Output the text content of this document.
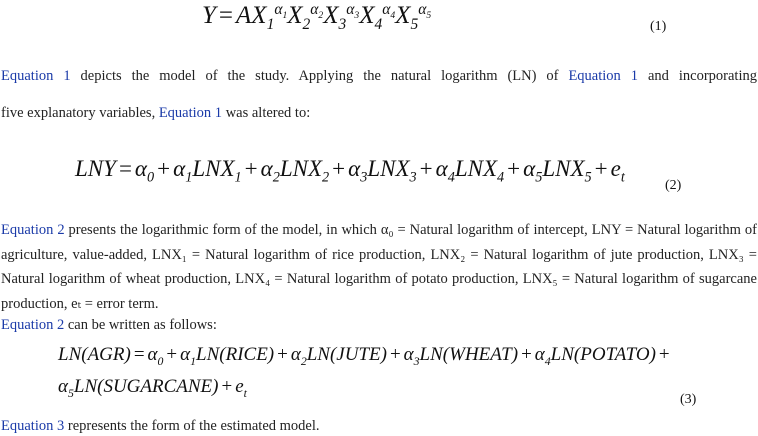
$Y = AX_1^{\alpha_1}X_2^{\alpha_2}X_3^{\alpha_3}X_4^{\alpha_4}X_5^{\alpha_5}$
(1)

Equation 1 depicts the model of the study. Applying the natural logarithm (LN) of Equation 1 and incorporating

five explanatory variables, Equation 1 was altered to:

LNY = $\alpha_0 + \alpha_1LNX_1 + \alpha_2LNX_2 + \alpha_3LNX_3 + \alpha_4LNX_4 + \alpha_5LNX_5 + e_t$	(2)

Equation 2 presents the logarithmic form of the model, in which α₀ = Natural logarithm of intercept, LNY = Natural logarithm of agriculture, value-added, LNX₁ = Natural logarithm of rice production, LNX₂ = Natural logarithm of jute production, LNX₃ = Natural logarithm of wheat production, LNX₄ = Natural logarithm of potato production, LNX₅ = Natural logarithm of sugarcane production, eₜ = error term.

Equation 2 can be written as follows:

$LN(AGR) = \alpha_0$ + $\alpha_1LN(RICE)$ + $\alpha_2LN(JUTE)$ + $\alpha_3LN(WHEAT)$ + $\alpha_4LN(POTATO)$ +
$\alpha_5LN(SUGARCANE) + e_t$	(3)

Equation 3 represents the form of the estimated model.
